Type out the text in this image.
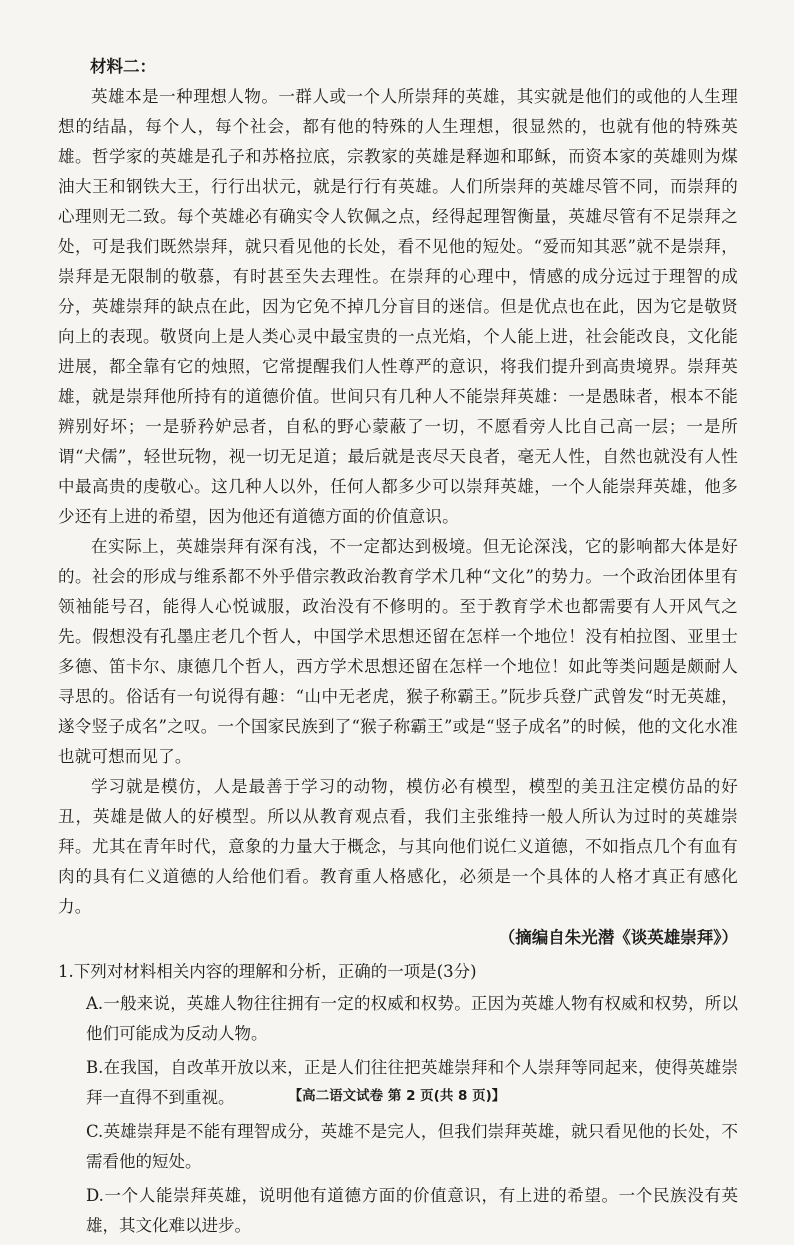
材料二：

英雄本是一种理想人物。一群人或一个人所崇拜的英雄，其实就是他们的或他的人生理想的结晶，每个人，每个社会，都有他的特殊的人生理想，很显然的，也就有他的特殊英雄。哲学家的英雄是孔子和苏格拉底，宗教家的英雄是释迦和耶稣，而资本家的英雄则为煤油大王和钢铁大王，行行出状元，就是行行有英雄。人们所崇拜的英雄尽管不同，而崇拜的心理则无二致。每个英雄必有确实令人钦佩之点，经得起理智衡量，英雄尽管有不足崇拜之处，可是我们既然崇拜，就只看见他的长处，看不见他的短处。“爱而知其恶”就不是崇拜，崇拜是无限制的敬慕，有时甚至失去理性。在崇拜的心理中，情感的成分远过于理智的成分，英雄崇拜的缺点在此，因为它免不掉几分盲目的迷信。但是优点也在此，因为它是敬贤向上的表现。敬贤向上是人类心灵中最宝贵的一点光焰，个人能上进，社会能改良，文化能进展，都全靠有它的烛照，它常提醒我们人性尊严的意识，将我们提升到高贵境界。崇拜英雄，就是崇拜他所持有的道德价值。世间只有几种人不能崇拜英雄：一是愚昧者，根本不能辨别好坏；一是骄矜妒忌者，自私的野心蒙蔽了一切，不愿看旁人比自己高一层；一是所谓“犬儒”，轻世玩物，视一切无足道；最后就是丧尽天良者，毫无人性，自然也就没有人性中最高贵的虔敬心。这几种人以外，任何人都多少可以崇拜英雄，一个人能崇拜英雄，他多少还有上进的希望，因为他还有道德方面的价值意识。

在实际上，英雄崇拜有深有浅，不一定都达到极境。但无论深浅，它的影响都大体是好的。社会的形成与维系都不外乎借宗教政治教育学术几种“文化”的势力。一个政治团体里有领袖能号召，能得人心悦诚服，政治没有不修明的。至于教育学术也都需要有人开风气之先。假想没有孔墨庄老几个哲人，中国学术思想还留在怎样一个地位！没有柏拉图、亚里士多德、笛卡尔、康德几个哲人，西方学术思想还留在怎样一个地位！如此等类问题是颇耐人寻思的。俗话有一句说得有趣：“山中无老虎，猴子称霸王。”阮步兵登广武曾发“时无英雄，遂令竖子成名”之叹。一个国家民族到了“猴子称霸王”或是“竖子成名”的时候，他的文化水准也就可想而见了。

学习就是模仿，人是最善于学习的动物，模仿必有模型，模型的美丑注定模仿品的好丑，英雄是做人的好模型。所以从教育观点看，我们主张维持一般人所认为过时的英雄崇拜。尤其在青年时代，意象的力量大于概念，与其向他们说仁义道德，不如指点几个有血有肉的具有仁义道德的人给他们看。教育重人格感化，必须是一个具体的人格才真正有感化力。

（摘编自朱光潜《谈英雄崇拜》）

1.下列对材料相关内容的理解和分析，正确的一项是(3分)

A.一般来说，英雄人物往往拥有一定的权威和权势。正因为英雄人物有权威和权势，所以他们可能成为反动人物。
B.在我国，自改革开放以来，正是人们往往把英雄崇拜和个人崇拜等同起来，使得英雄崇拜一直得不到重视。
C.英雄崇拜是不能有理智成分，英雄不是完人，但我们崇拜英雄，就只看见他的长处，不需看他的短处。
D.一个人能崇拜英雄，说明他有道德方面的价值意识，有上进的希望。一个民族没有英雄，其文化难以进步。
【高二语文试卷 第 2 页(共 8 页)】
